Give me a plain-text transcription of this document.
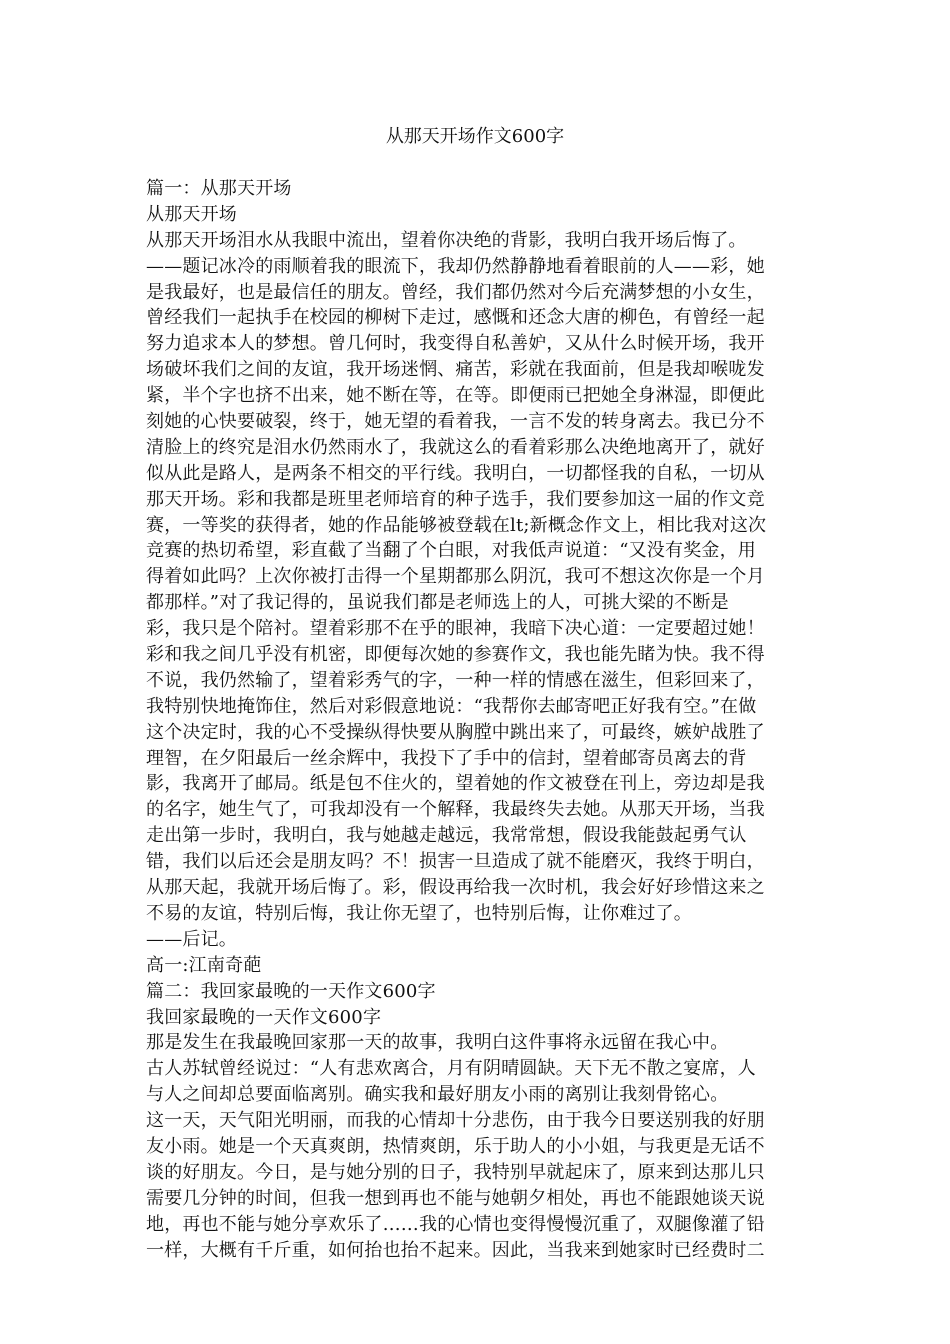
从那天开场作文600字
篇一：从那天开场
从那天开场
从那天开场泪水从我眼中流出，望着你决绝的背影，我明白我开场后悔了。
——题记冰冷的雨顺着我的眼流下，我却仍然静静地看着眼前的人——彩，她
是我最好，也是最信任的朋友。曾经，我们都仍然对今后充满梦想的小女生，
曾经我们一起执手在校园的柳树下走过，感慨和还念大唐的柳色，有曾经一起
努力追求本人的梦想。曾几何时，我变得自私善妒，又从什么时候开场，我开
场破坏我们之间的友谊，我开场迷惘、痛苦，彩就在我面前，但是我却喉咙发
紧，半个字也挤不出来，她不断在等，在等。即便雨已把她全身淋湿，即便此
刻她的心快要破裂，终于，她无望的看着我，一言不发的转身离去。我已分不
清脸上的终究是泪水仍然雨水了，我就这么的看着彩那么决绝地离开了，就好
似从此是路人，是两条不相交的平行线。我明白，一切都怪我的自私，一切从
那天开场。彩和我都是班里老师培育的种子选手，我们要参加这一届的作文竞
赛，一等奖的获得者，她的作品能够被登载在lt;新概念作文上，相比我对这次
竞赛的热切希望，彩直截了当翻了个白眼，对我低声说道：“又没有奖金，用
得着如此吗？上次你被打击得一个星期都那么阴沉，我可不想这次你是一个月
都那样。”对了我记得的，虽说我们都是老师选上的人，可挑大梁的不断是
彩，我只是个陪衬。望着彩那不在乎的眼神，我暗下决心道：一定要超过她！
彩和我之间几乎没有机密，即便每次她的参赛作文，我也能先睹为快。我不得
不说，我仍然输了，望着彩秀气的字，一种一样的情感在滋生，但彩回来了，
我特别快地掩饰住，然后对彩假意地说：“我帮你去邮寄吧正好我有空。”在做
这个决定时，我的心不受操纵得快要从胸膛中跳出来了，可最终，嫉妒战胜了
理智，在夕阳最后一丝余辉中，我投下了手中的信封，望着邮寄员离去的背
影，我离开了邮局。纸是包不住火的，望着她的作文被登在刊上，旁边却是我
的名字，她生气了，可我却没有一个解释，我最终失去她。从那天开场，当我
走出第一步时，我明白，我与她越走越远，我常常想，假设我能鼓起勇气认
错，我们以后还会是朋友吗？不！损害一旦造成了就不能磨灭，我终于明白，
从那天起，我就开场后悔了。彩，假设再给我一次时机，我会好好珍惜这来之
不易的友谊，特别后悔，我让你无望了，也特别后悔，让你难过了。
——后记。
高一:江南奇葩
篇二：我回家最晚的一天作文600字
我回家最晚的一天作文600字
那是发生在我最晚回家那一天的故事，我明白这件事将永远留在我心中。
古人苏轼曾经说过：“人有悲欢离合，月有阴晴圆缺。天下无不散之宴席，人
与人之间却总要面临离别。确实我和最好朋友小雨的离别让我刻骨铭心。
这一天，天气阳光明丽，而我的心情却十分悲伤，由于我今日要送别我的好朋
友小雨。她是一个天真爽朗，热情爽朗，乐于助人的小小姐，与我更是无话不
谈的好朋友。今日，是与她分别的日子，我特别早就起床了，原来到达那儿只
需要几分钟的时间，但我一想到再也不能与她朝夕相处，再也不能跟她谈天说
地，再也不能与她分享欢乐了……我的心情也变得慢慢沉重了，双腿像灌了铅
一样，大概有千斤重，如何抬也抬不起来。因此，当我来到她家时已经费时二
